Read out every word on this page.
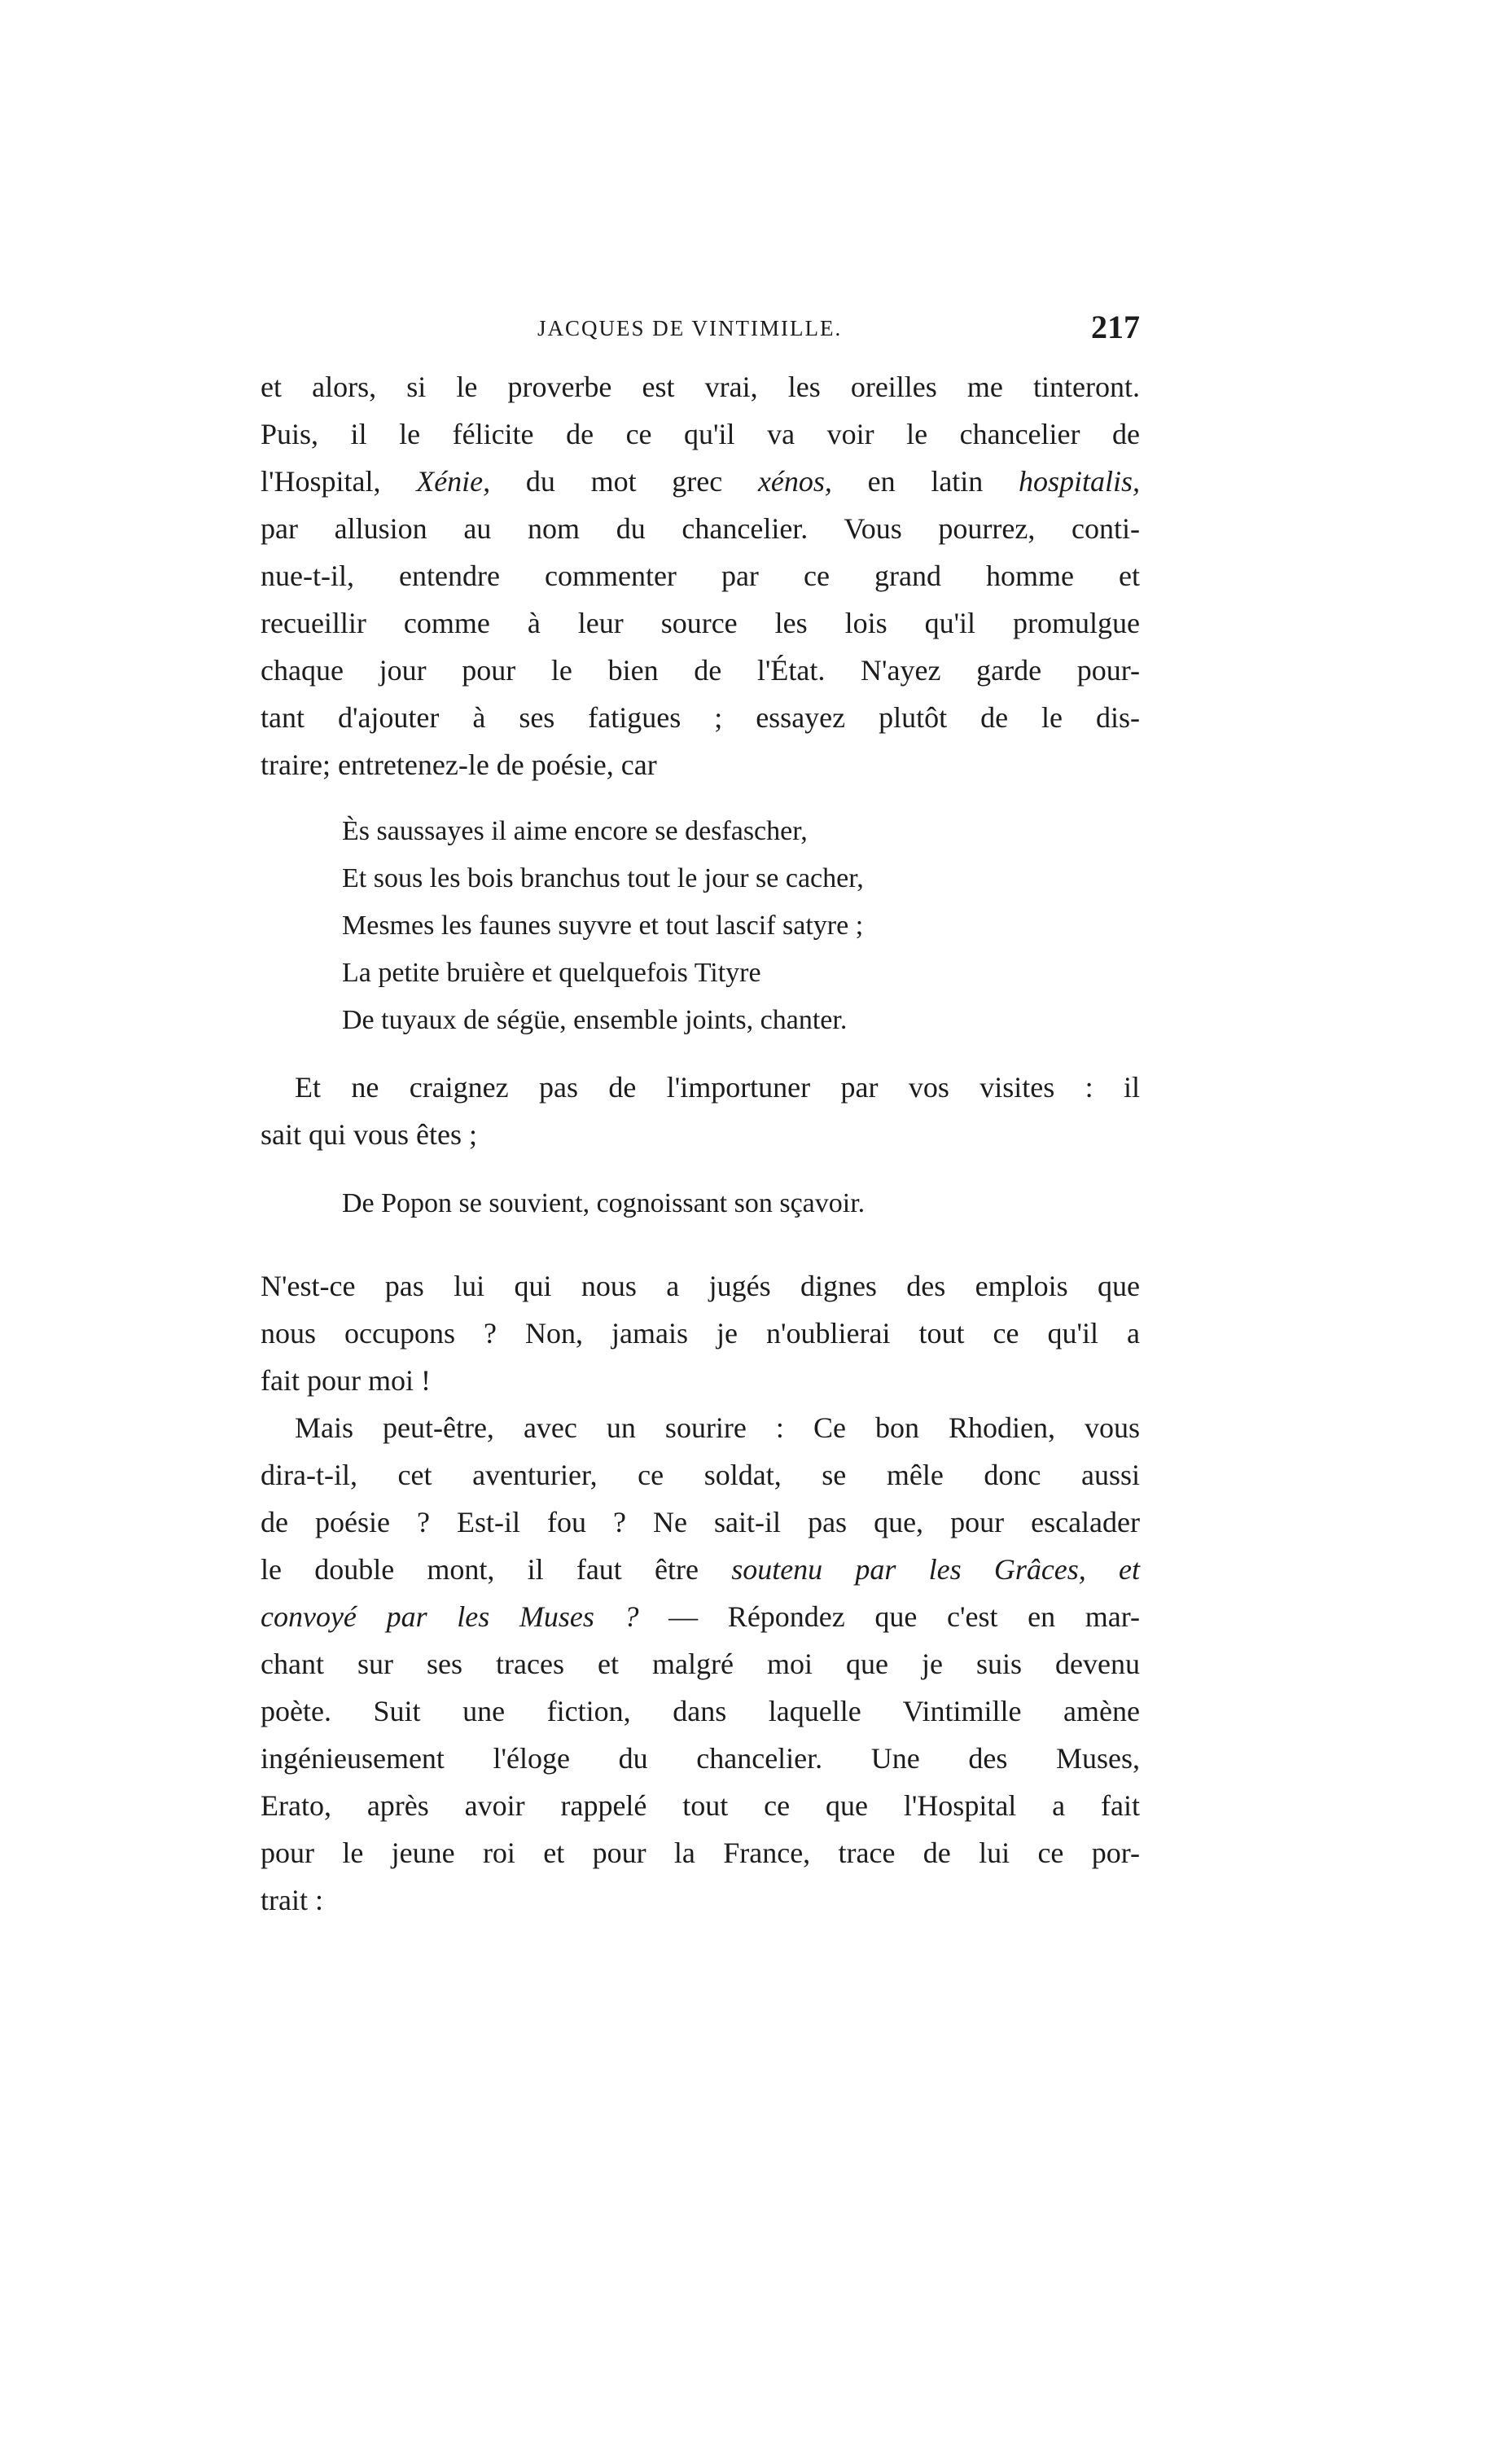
JACQUES DE VINTIMILLE.	217
et alors, si le proverbe est vrai, les oreilles me tinteront.
Puis, il le félicite de ce qu'il va voir le chancelier de
l'Hospital, Xénie, du mot grec xénos, en latin hospitalis,
par allusion au nom du chancelier. Vous pourrez, conti-
nue-t-il, entendre commenter par ce grand homme et
recueillir comme à leur source les lois qu'il promulgue
chaque jour pour le bien de l'État. N'ayez garde pour-
tant d'ajouter à ses fatigues ; essayez plutôt de le dis-
traire; entretenez-le de poésie, car
Ès saussayes il aime encore se desfascher,
Et sous les bois branchus tout le jour se cacher,
Mesmes les faunes suyvre et tout lascif satyre ;
La petite bruière et quelquefois Tityre
De tuyaux de ségüe, ensemble joints, chanter.
Et ne craignez pas de l'importuner par vos visites : il
sait qui vous êtes ;
De Popon se souvient, cognoissant son sçavoir.
N'est-ce pas lui qui nous a jugés dignes des emplois que
nous occupons ? Non, jamais je n'oublierai tout ce qu'il a
fait pour moi !
Mais peut-être, avec un sourire : Ce bon Rhodien, vous
dira-t-il, cet aventurier, ce soldat, se mêle donc aussi
de poésie ? Est-il fou ? Ne sait-il pas que, pour escalader
le double mont, il faut être soutenu par les Grâces, et
convoyé par les Muses ? — Répondez que c'est en mar-
chant sur ses traces et malgré moi que je suis devenu
poète. Suit une fiction, dans laquelle Vintimille amène
ingénieusement l'éloge du chancelier. Une des Muses,
Erato, après avoir rappelé tout ce que l'Hospital a fait
pour le jeune roi et pour la France, trace de lui ce por-
trait :
